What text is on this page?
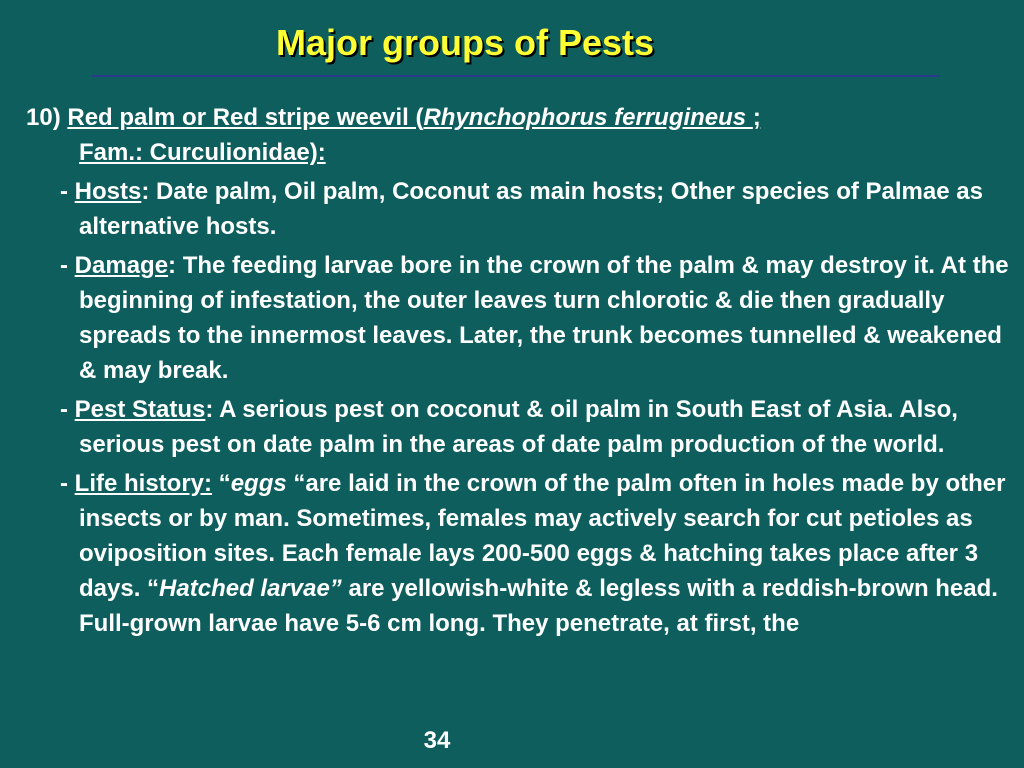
Major groups of Pests
10) Red palm or Red stripe weevil (Rhynchophorus ferrugineus ;
Fam.: Curculionidae):
- Hosts: Date palm, Oil palm, Coconut as main hosts; Other species of Palmae as alternative hosts.
- Damage: The feeding larvae bore in the crown of the palm & may destroy it. At the beginning of infestation, the outer leaves turn chlorotic & die then gradually spreads to the innermost leaves. Later, the trunk becomes tunnelled & weakened & may break.
- Pest Status: A serious pest on coconut & oil palm in South East of Asia. Also, serious pest on date palm in the areas of date palm production of the world.
- Life history: “eggs “are laid in the crown of the palm often in holes made by other insects or by man. Sometimes, females may actively search for cut petioles as oviposition sites. Each female lays 200-500 eggs & hatching takes place after 3 days. “Hatched larvae” are yellowish-white & legless with a reddish-brown head. Full-grown larvae have 5-6 cm long. They penetrate, at first, the
34
